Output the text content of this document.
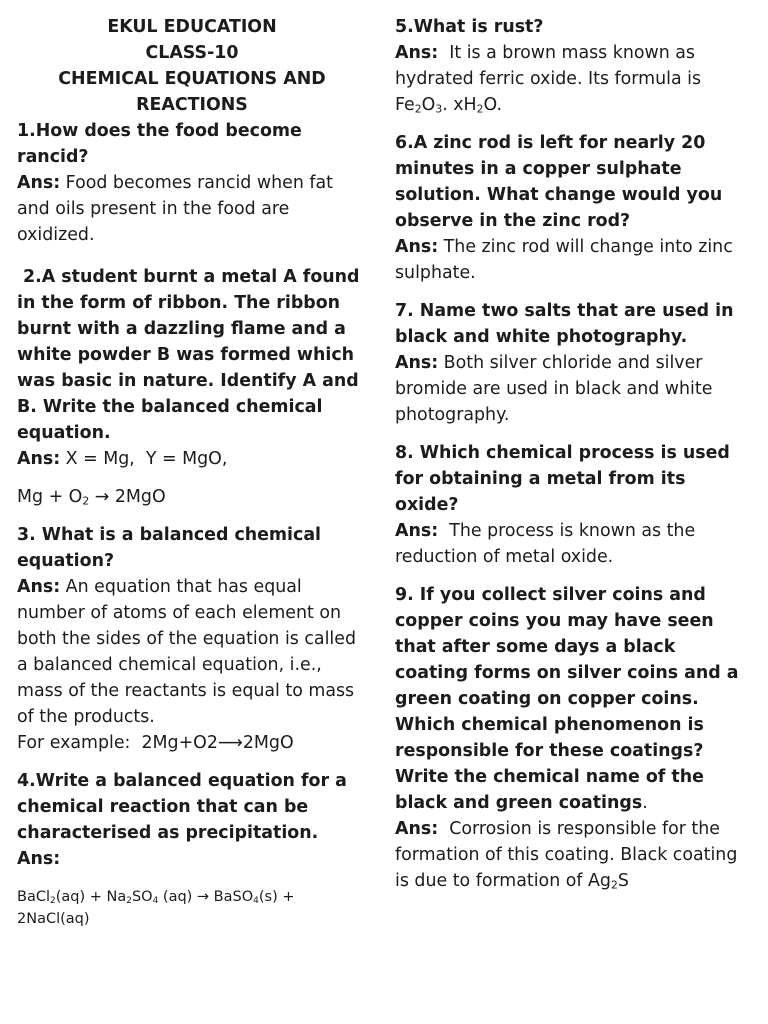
EKUL EDUCATION
CLASS-10
CHEMICAL EQUATIONS AND REACTIONS
1.How does the food become rancid?
Ans: Food becomes rancid when fat and oils present in the food are oxidized.
2.A student burnt a metal A found in the form of ribbon. The ribbon burnt with a dazzling flame and a white powder B was formed which was basic in nature. Identify A and B. Write the balanced chemical equation.
Ans: X = Mg,  Y = MgO,
$Mg + O_2 \to 2MgO$
3. What is a balanced chemical equation?
Ans: An equation that has equal number of atoms of each element on both the sides of the equation is called a balanced chemical equation, i.e., mass of the reactants is equal to mass of the products.
For example:  2Mg+O2⟶2MgO
4.Write a balanced equation for a chemical reaction that can be characterised as precipitation.
Ans:
BaCl$_2$(aq) + $Na_2SO_4$ (aq) → BaSO$_4$(s) + 2NaCl(aq)
5.What is rust?
Ans:  It is a brown mass known as hydrated ferric oxide. Its formula is $Fe_2O_3$. $xH_2O$.
6.A zinc rod is left for nearly 20 minutes in a copper sulphate solution. What change would you observe in the zinc rod?
Ans: The zinc rod will change into zinc sulphate.
7. Name two salts that are used in black and white photography.
Ans: Both silver chloride and silver bromide are used in black and white photography.
8. Which chemical process is used for obtaining a metal from its oxide?
Ans:  The process is known as the reduction of metal oxide.
9. If you collect silver coins and copper coins you may have seen that after some days a black coating forms on silver coins and a green coating on copper coins. Which chemical phenomenon is responsible for these coatings? Write the chemical name of the black and green coatings.
Ans:  Corrosion is responsible for the formation of this coating. Black coating is due to formation of $Ag_2S$
